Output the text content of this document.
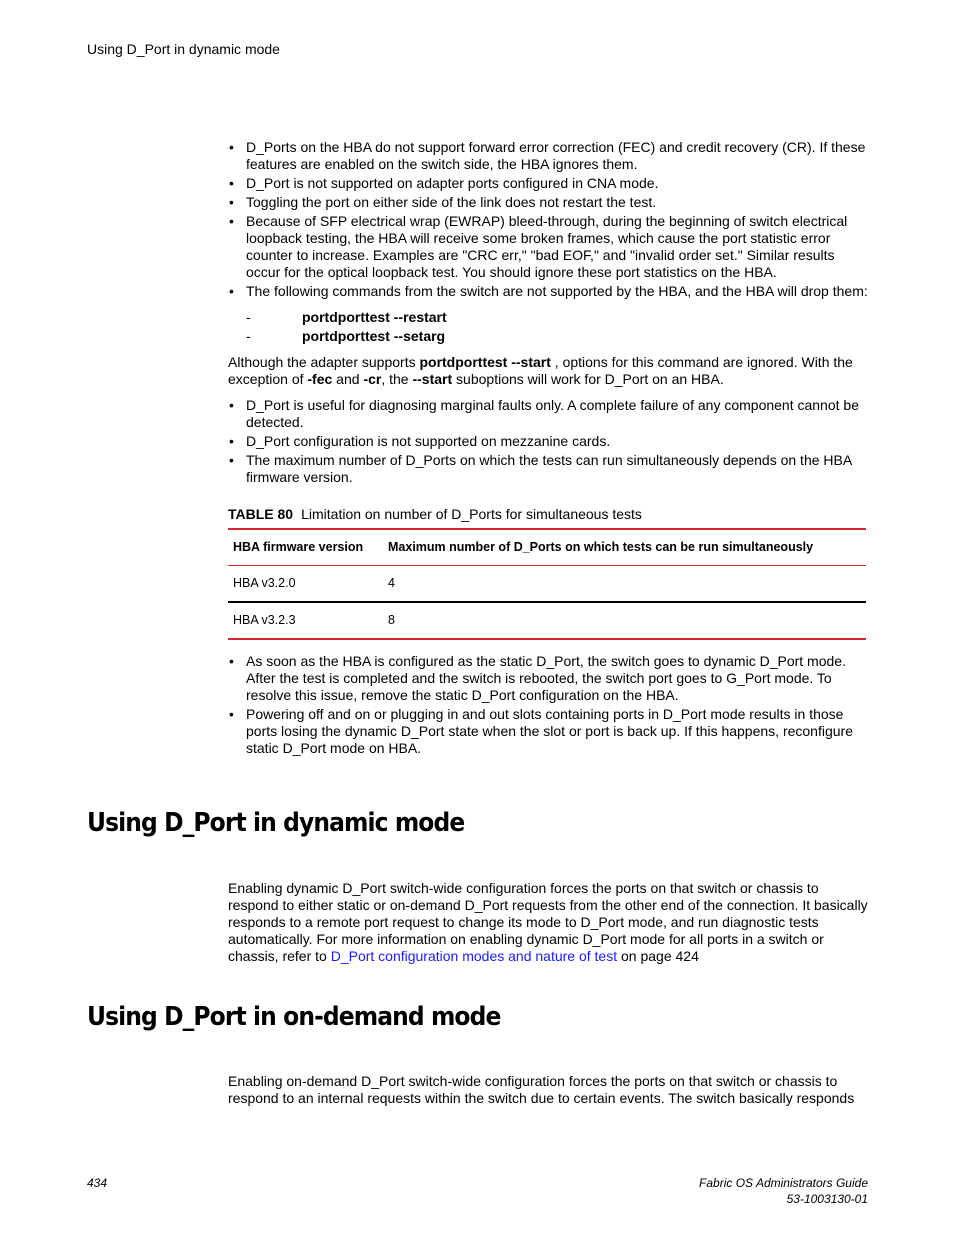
Using D_Port in dynamic mode
• D_Ports on the HBA do not support forward error correction (FEC) and credit recovery (CR). If these features are enabled on the switch side, the HBA ignores them.
• D_Port is not supported on adapter ports configured in CNA mode.
• Toggling the port on either side of the link does not restart the test.
• Because of SFP electrical wrap (EWRAP) bleed-through, during the beginning of switch electrical loopback testing, the HBA will receive some broken frames, which cause the port statistic error counter to increase. Examples are "CRC err," "bad EOF," and "invalid order set." Similar results occur for the optical loopback test. You should ignore these port statistics on the HBA.
• The following commands from the switch are not supported by the HBA, and the HBA will drop them:
- portdporttest --restart
- portdporttest --setarg

Although the adapter supports portdporttest --start , options for this command are ignored. With the exception of -fec and -cr, the --start suboptions will work for D_Port on an HBA.

• D_Port is useful for diagnosing marginal faults only. A complete failure of any component cannot be detected.
• D_Port configuration is not supported on mezzanine cards.
• The maximum number of D_Ports on which the tests can run simultaneously depends on the HBA firmware version.

TABLE 80 Limitation on number of D_Ports for simultaneous tests

HBA firmware version	Maximum number of D_Ports on which tests can be run simultaneously
HBA v3.2.0	4
HBA v3.2.3	8
• As soon as the HBA is configured as the static D_Port, the switch goes to dynamic D_Port mode. After the test is completed and the switch is rebooted, the switch port goes to G_Port mode. To resolve this issue, remove the static D_Port configuration on the HBA.
• Powering off and on or plugging in and out slots containing ports in D_Port mode results in those ports losing the dynamic D_Port state when the slot or port is back up. If this happens, reconfigure static D_Port mode on HBA.
Using D_Port in dynamic mode

Enabling dynamic D_Port switch-wide configuration forces the ports on that switch or chassis to respond to either static or on-demand D_Port requests from the other end of the connection. It basically responds to a remote port request to change its mode to D_Port mode, and run diagnostic tests automatically. For more information on enabling dynamic D_Port mode for all ports in a switch or chassis, refer to D_Port configuration modes and nature of test on page 424

Using D_Port in on-demand mode

Enabling on-demand D_Port switch-wide configuration forces the ports on that switch or chassis to respond to an internal requests within the switch due to certain events. The switch basically responds

434	Fabric OS Administrators Guide
53-1003130-01
